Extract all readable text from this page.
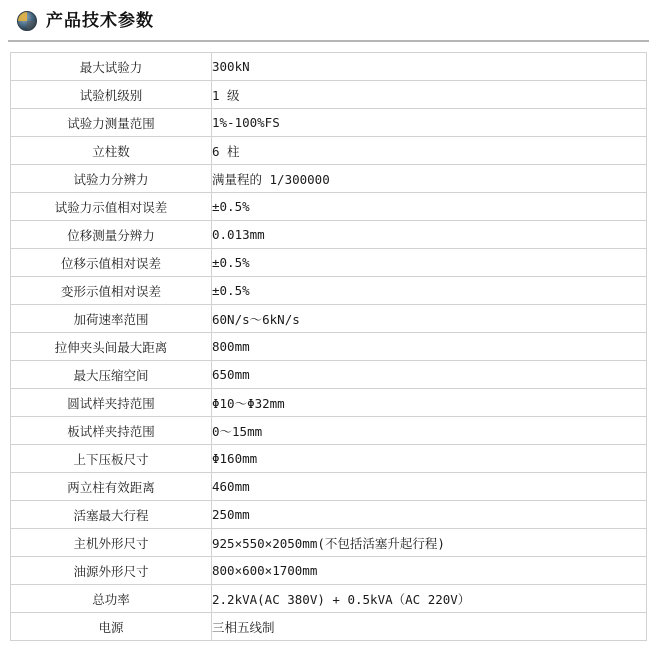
产品技术参数
最大试验力	300kN
试验机级别	1 级
试验力测量范围	1%-100%FS
立柱数	6 柱
试验力分辨力	满量程的 1/300000
试验力示值相对误差	±0.5%
位移测量分辨力	0.013mm
位移示值相对误差	±0.5%
变形示值相对误差	±0.5%
加荷速率范围	60N/s～6kN/s
拉伸夹头间最大距离	800mm
最大压缩空间	650mm
圆试样夹持范围	Φ10～Φ32mm
板试样夹持范围	0～15mm
上下压板尺寸	Φ160mm
两立柱有效距离	460mm
活塞最大行程	250mm
主机外形尺寸	925×550×2050mm(不包括活塞升起行程)
油源外形尺寸	800×600×1700mm
总功率	2.2kVA(AC 380V) + 0.5kVA（AC 220V）
电源	三相五线制
